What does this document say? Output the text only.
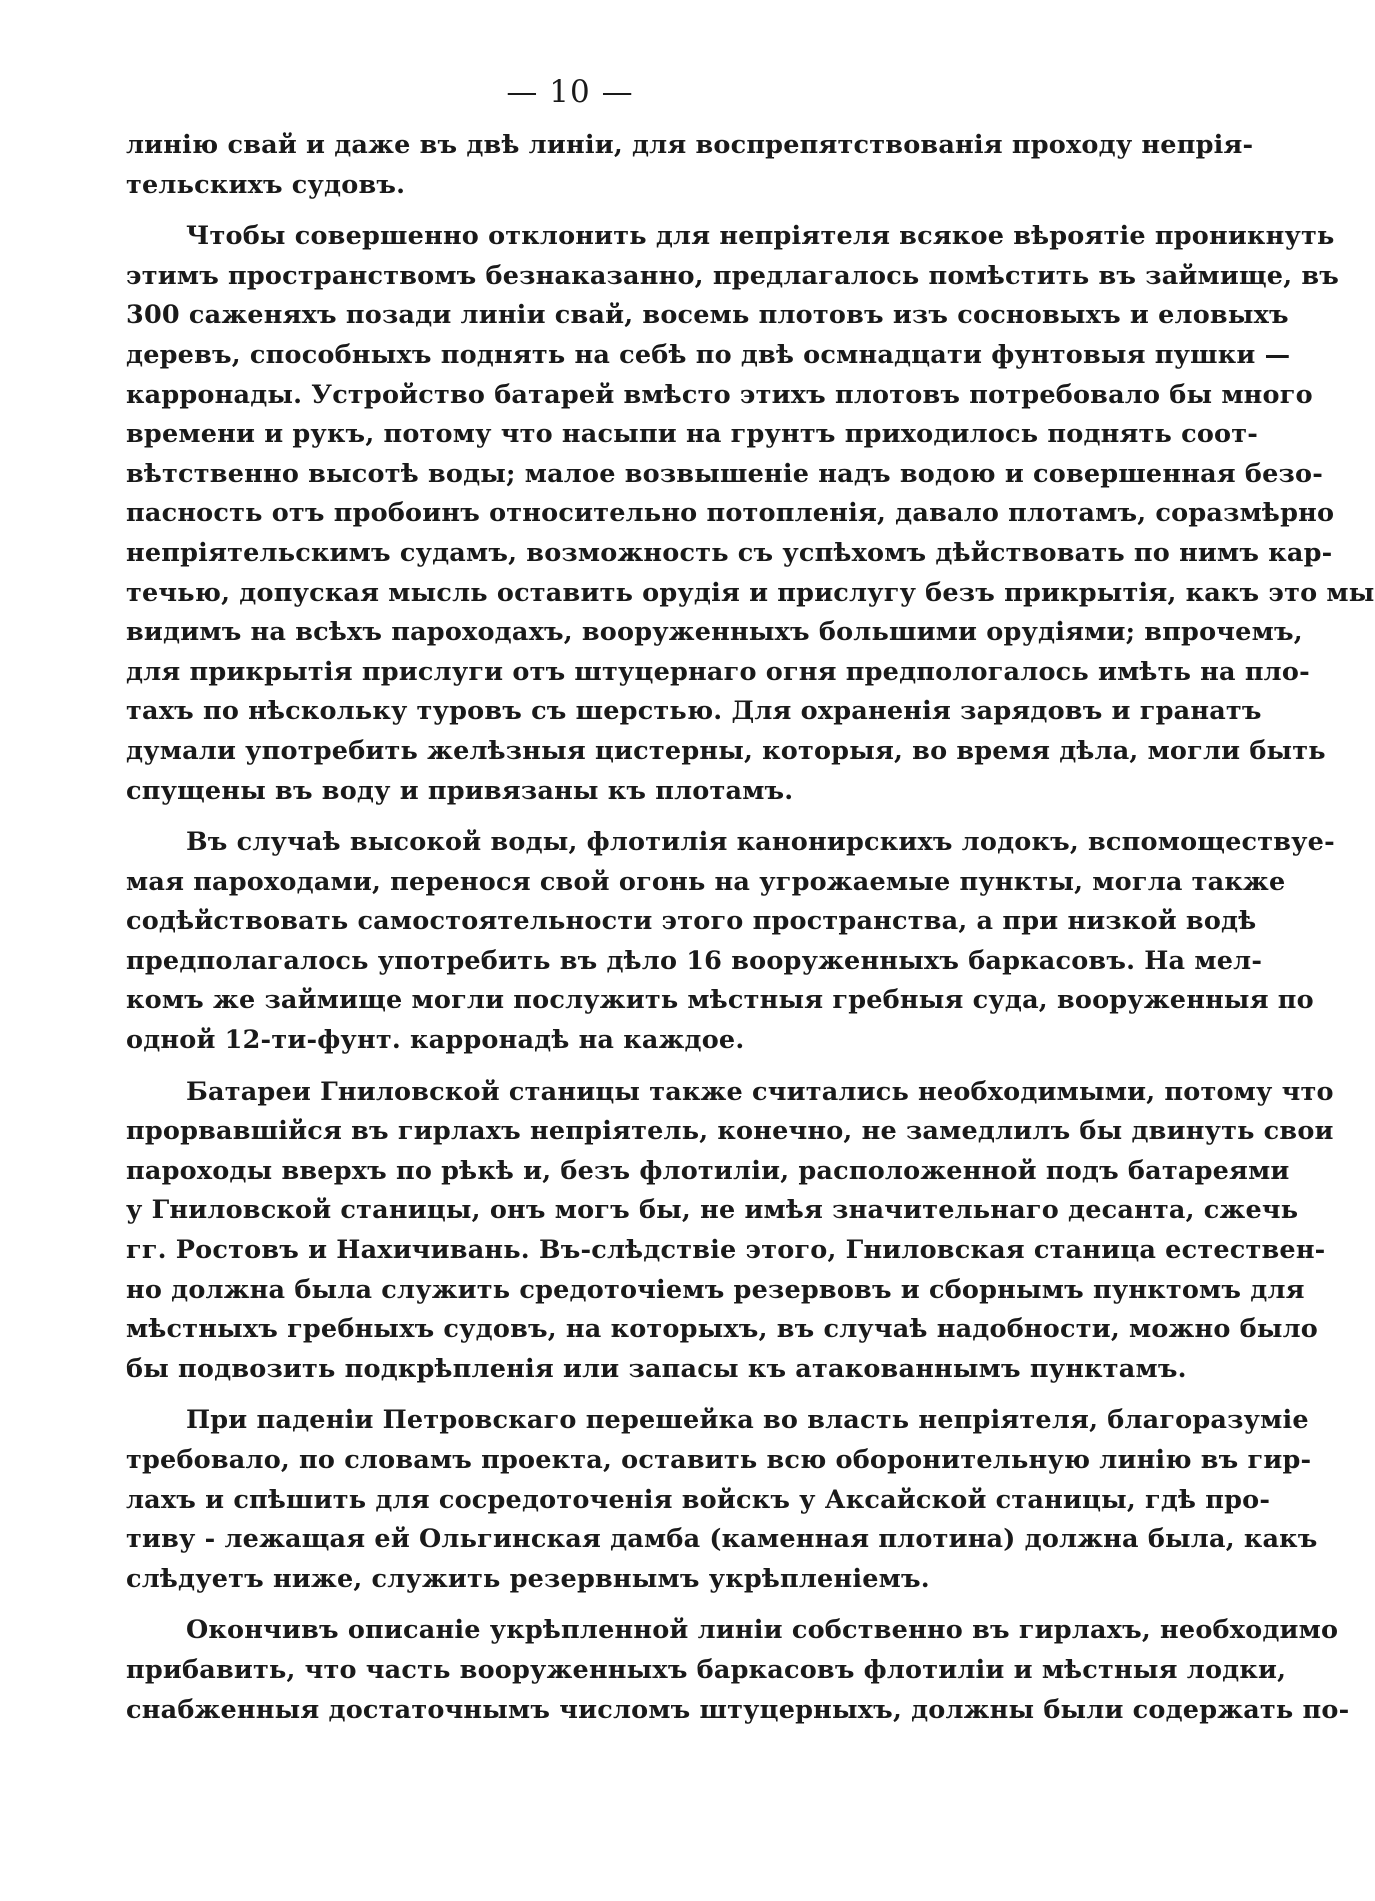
— 10 —
линію свай и даже въ двѣ линіи, для воспрепятствованія проходу непрія-
тельскихъ судовъ.
Чтобы совершенно отклонить для непріятеля всякое вѣроятіе проникнуть
этимъ пространствомъ безнаказанно, предлагалось помѣстить въ займище, въ
300 саженяхъ позади линіи свай, восемь плотовъ изъ сосновыхъ и еловыхъ
деревъ, способныхъ поднять на себѣ по двѣ осмнадцати фунтовыя пушки —
карронады. Устройство батарей вмѣсто этихъ плотовъ потребовало бы много
времени и рукъ, потому что насыпи на грунтъ приходилось поднять соот-
вѣтственно высотѣ воды; малое возвышеніе надъ водою и совершенная безо-
пасность отъ пробоинъ относительно потопленія, давало плотамъ, соразмѣрно
непріятельскимъ судамъ, возможность съ успѣхомъ дѣйствовать по нимъ кар-
течью, допуская мысль оставить орудія и прислугу безъ прикрытія, какъ это мы
видимъ на всѣхъ пароходахъ, вооруженныхъ большими орудіями; впрочемъ,
для прикрытія прислуги отъ штуцернаго огня предпологалось имѣть на пло-
тахъ по нѣскольку туровъ съ шерстью. Для охраненія зарядовъ и гранатъ
думали употребить желѣзныя цистерны, которыя, во время дѣла, могли быть
спущены въ воду и привязаны къ плотамъ.
Въ случаѣ высокой воды, флотилія канонирскихъ лодокъ, вспомоществуе-
мая пароходами, перенося свой огонь на угрожаемые пункты, могла также
содѣйствовать самостоятельности этого пространства, а при низкой водѣ
предполагалось употребить въ дѣло 16 вооруженныхъ баркасовъ. На мел-
комъ же займище могли послужить мѣстныя гребныя суда, вооруженныя по
одной 12-ти-фунт. карронадѣ на каждое.
Батареи Гниловской станицы также считались необходимыми, потому что
прорвавшійся въ гирлахъ непріятель, конечно, не замедлилъ бы двинуть свои
пароходы вверхъ по рѣкѣ и, безъ флотиліи, расположенной подъ батареями
у Гниловской станицы, онъ могъ бы, не имѣя значительнаго десанта, сжечь
гг. Ростовъ и Нахичивань. Въ-слѣдствіе этого, Гниловская станица естествен-
но должна была служить средоточіемъ резервовъ и сборнымъ пунктомъ для
мѣстныхъ гребныхъ судовъ, на которыхъ, въ случаѣ надобности, можно было
бы подвозить подкрѣпленія или запасы къ атакованнымъ пунктамъ.
При паденіи Петровскаго перешейка во власть непріятеля, благоразуміе
требовало, по словамъ проекта, оставить всю оборонительную линію въ гир-
лахъ и спѣшить для сосредоточенія войскъ у Аксайской станицы, гдѣ про-
тиву - лежащая ей Ольгинская дамба (каменная плотина) должна была, какъ
слѣдуетъ ниже, служить резервнымъ укрѣпленіемъ.
Окончивъ описаніе укрѣпленной линіи собственно въ гирлахъ, необходимо
прибавить, что часть вооруженныхъ баркасовъ флотиліи и мѣстныя лодки,
снабженныя достаточнымъ числомъ штуцерныхъ, должны были содержать по-
